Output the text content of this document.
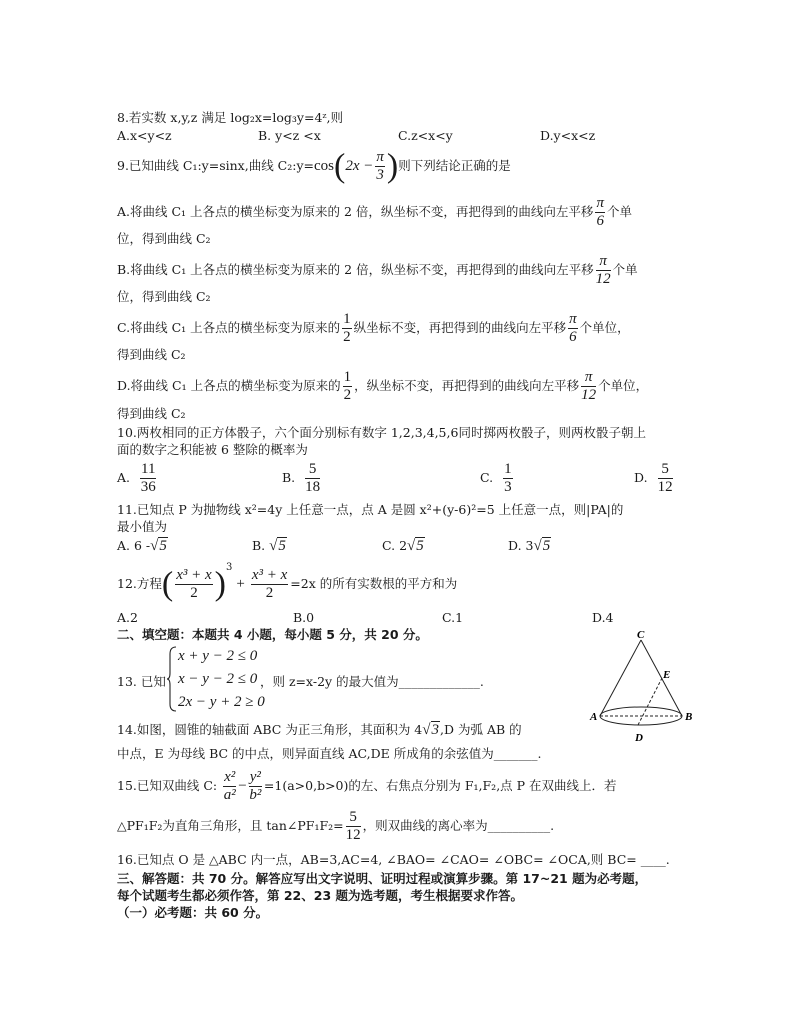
8.若实数 x,y,z 满足 log₂x=log₃y=4ᶻ,则
A.x<y<z	B. y<z <x	C.z<x<y	D.y<x<z
9.已知曲线 C₁:y=sinx,曲线 C₂:y=cos(2x − $\frac{\pi}{3}$ )则下列结论正确的是
A.将曲线 C₁ 上各点的横坐标变为原来的 2 倍，纵坐标不变，再把得到的曲线向左平移 $\frac{\pi}{6}$ 个单
位，得到曲线 C₂
B.将曲线 C₁ 上各点的横坐标变为原来的 2 倍，纵坐标不变，再把得到的曲线向左平移 $\frac{\pi}{12}$ 个单
位，得到曲线 C₂
C.将曲线 C₁ 上各点的横坐标变为原来的 $\frac{1}{2}$ 纵坐标不变，再把得到的曲线向左平移 $\frac{\pi}{6}$ 个单位，
得到曲线 C₂
D.将曲线 C₁ 上各点的横坐标变为原来的 $\frac{1}{2}$ ，纵坐标不变，再把得到的曲线向左平移 $\frac{\pi}{12}$ 个单位，
得到曲线 C₂
10.两枚相同的正方体骰子，六个面分别标有数字 1,2,3,4,5,6同时掷两枚骰子，则两枚骰子朝上
面的数字之积能被 6 整除的概率为
A. $\frac{11}{36}$	B. $\frac{5}{18}$	C. $\frac{1}{3}$	D. $\frac{5}{12}$
11.已知点 P 为抛物线 x²=4y 上任意一点，点 A 是圆 x²+(y-6)²=5 上任意一点，则|PA|的
最小值为
A. 6 -√5	B. √5	C. 2√5	D. 3√5
12.方程( $\frac{\text{x³ + x}}{2} )^3+ \frac{\text{x³ + x}}{2} =2x$ 的所有实数根的平方和为
A.2	B.0	C.1	D.4
二、填空题：本题共 4 小题，每小题 5 分，共 20 分。
13. 已知
x + y − 2 ≤ 0
x − y − 2 ≤ 0
2x − y + 2 ≥ 0
，则 z=x-2y 的最大值为_____________.
C
E
A	B
D
14.如图，圆锥的轴截面 ABC 为正三角形，其面积为 4√3,D 为弧 AB 的
中点，E 为母线 BC 的中点，则异面直线 AC,DE 所成角的余弦值为_______.
15.已知双曲线 C: $\frac{\text{x²}}{\text{a²}} - \frac{\text{y²}}{\text{b²}} =1(a>0,b>0)$的左、右焦点分别为 F₁,F₂,点 P 在双曲线上．若
△PF₁F₂为直角三角形，且 tan∠PF₁F₂= $\frac{5}{12}$ ，则双曲线的离心率为__________.
16.已知点 O 是 △ABC 内一点，AB=3,AC=4, ∠BAO= ∠CAO= ∠OBC= ∠OCA,则 BC= ____.
三、解答题：共 70 分。解答应写出文字说明、证明过程或演算步骤。第 17~21 题为必考题，
每个试题考生都必须作答，第 22、23 题为选考题，考生根据要求作答。
（一）必考题：共 60 分。
